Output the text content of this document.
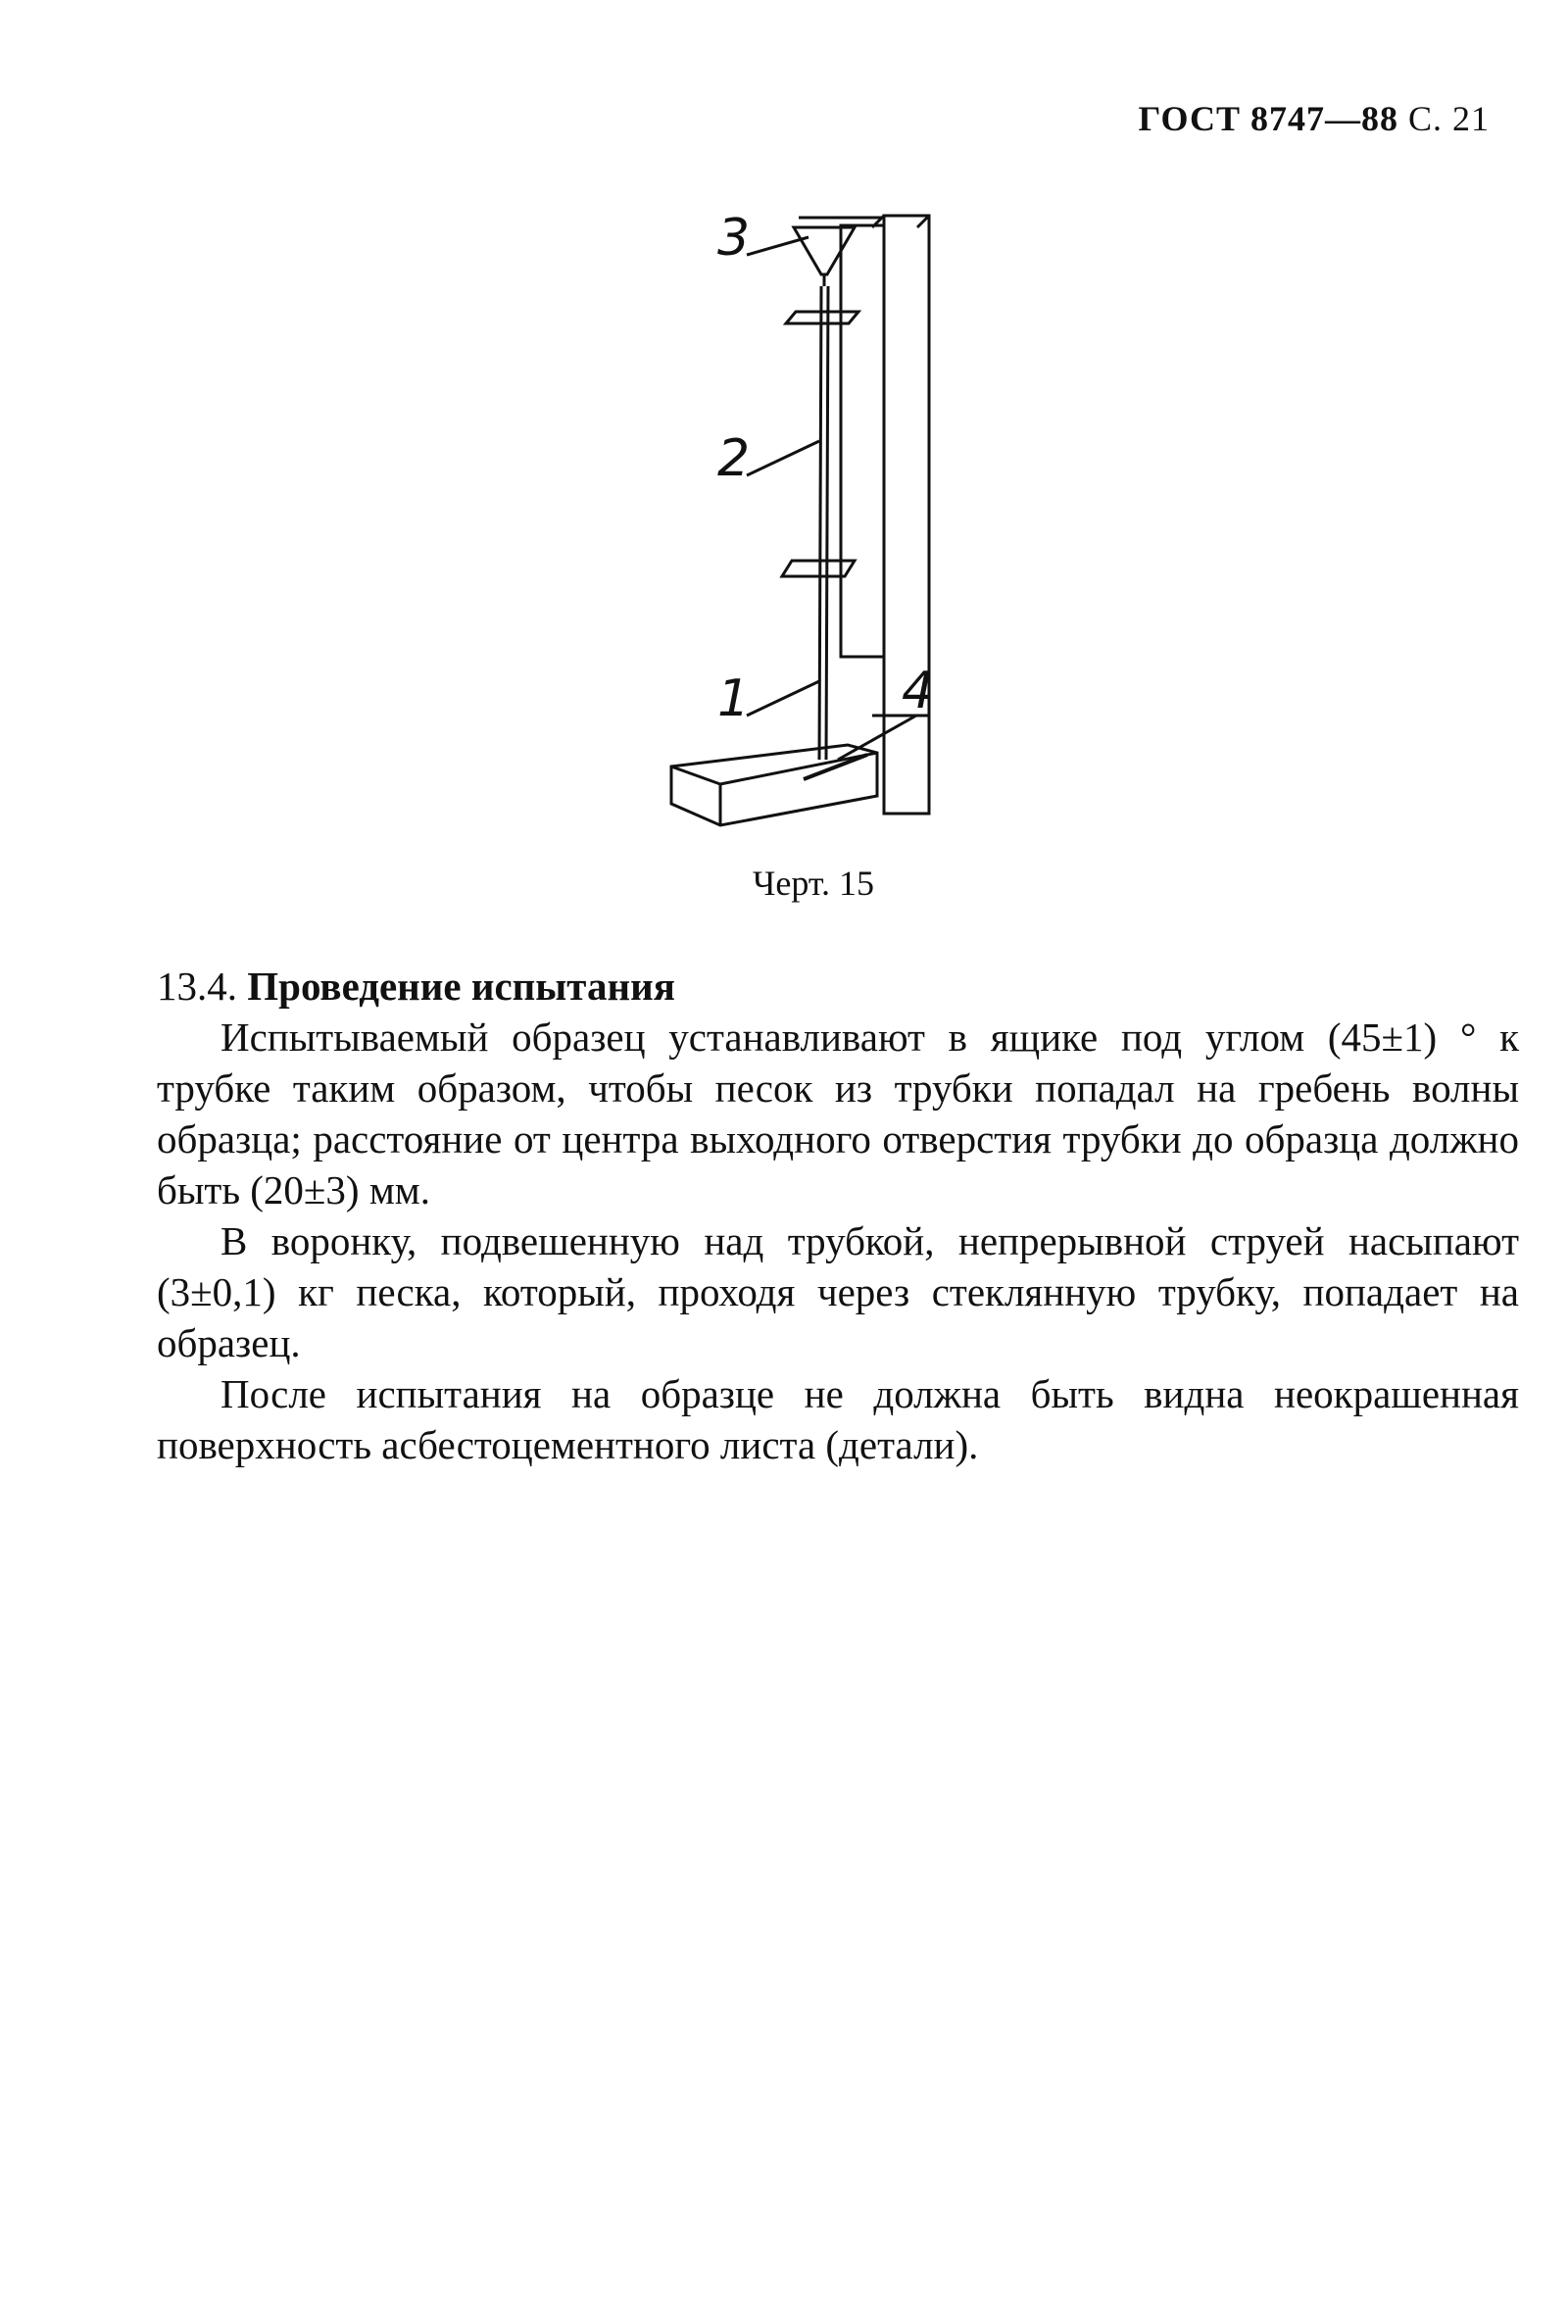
ГОСТ 8747—88 С. 21
3
2
1	4
Черт. 15
13.4. Проведение испытания

Испытываемый образец устанавливают в ящике под углом (45±1) ° к трубке таким образом, чтобы песок из трубки попадал на гребень волны образца; расстояние от центра выходного отверстия трубки до образца должно быть (20±3) мм.

В воронку, подвешенную над трубкой, непрерывной струей насыпают (3±0,1) кг песка, который, проходя через стеклянную трубку, попадает на образец.

После испытания на образце не должна быть видна неокрашенная поверхность асбестоцементного листа (детали).
